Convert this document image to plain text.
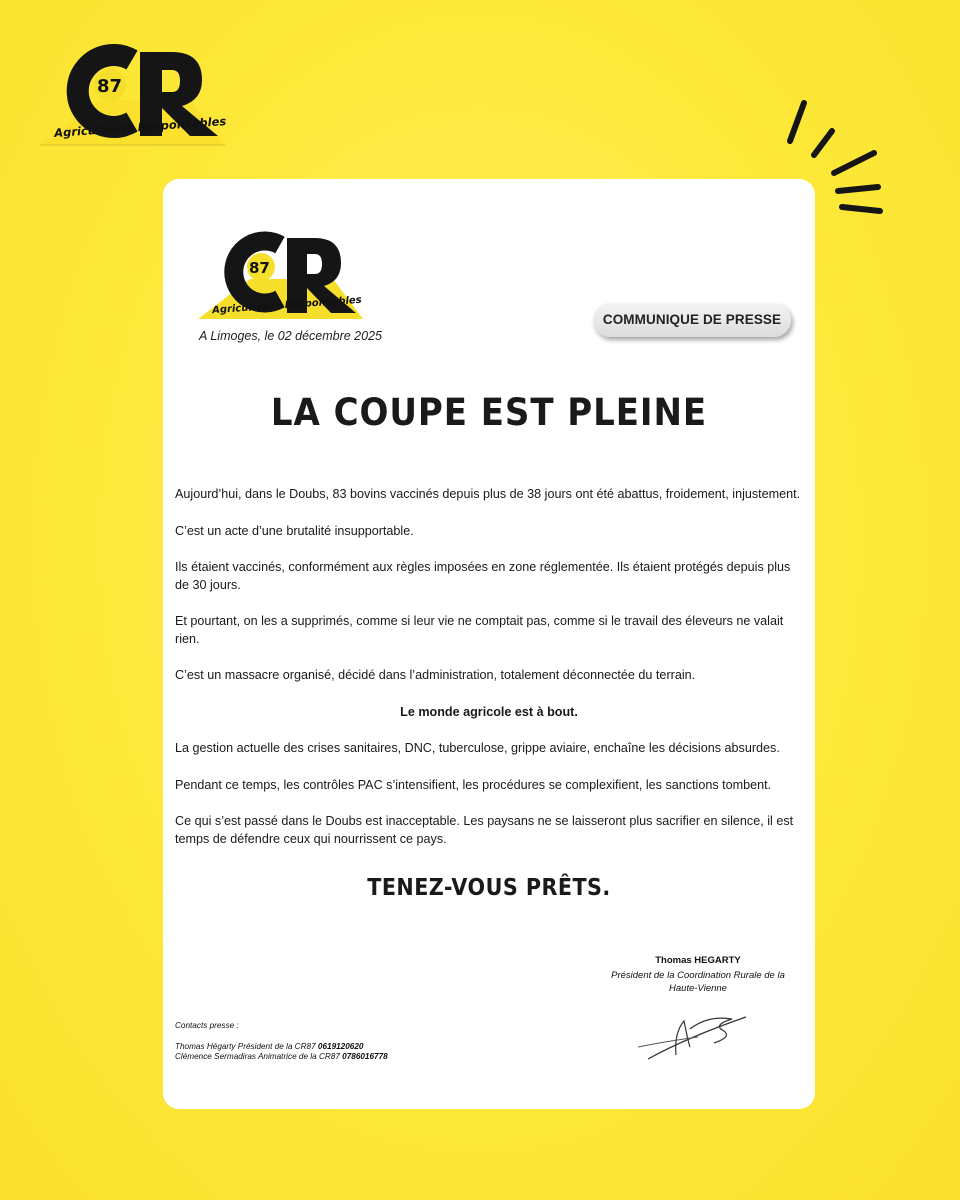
87
Agriculteurs Responsables
87
Agriculteurs Responsables
A Limoges, le 02 décembre 2025
COMMUNIQUE DE PRESSE
LA COUPE EST PLEINE

Aujourd’hui, dans le Doubs, 83 bovins vaccinés depuis plus de 38 jours ont été abattus, froidement, injustement.

C’est un acte d’une brutalité insupportable.

Ils étaient vaccinés, conformément aux règles imposées en zone réglementée. Ils étaient protégés depuis plus de 30 jours.

Et pourtant, on les a supprimés, comme si leur vie ne comptait pas, comme si le travail des éleveurs ne valait rien.

C’est un massacre organisé, décidé dans l’administration, totalement déconnectée du terrain.

Le monde agricole est à bout.

La gestion actuelle des crises sanitaires, DNC, tuberculose, grippe aviaire, enchaîne les décisions absurdes.

Pendant ce temps, les contrôles PAC s’intensifient, les procédures se complexifient, les sanctions tombent.

Ce qui s’est passé dans le Doubs est inacceptable. Les paysans ne se laisseront plus sacrifier en silence, il est temps de défendre ceux qui nourrissent ce pays.

TENEZ-VOUS PRÊTS.
Thomas HEGARTY
Président de la Coordination Rurale de la Haute-Vienne
Contacts presse :
Thomas Hégarty Président de la CR87 0619120620
Clémence Sermadiras Animatrice de la CR87 0786016778
